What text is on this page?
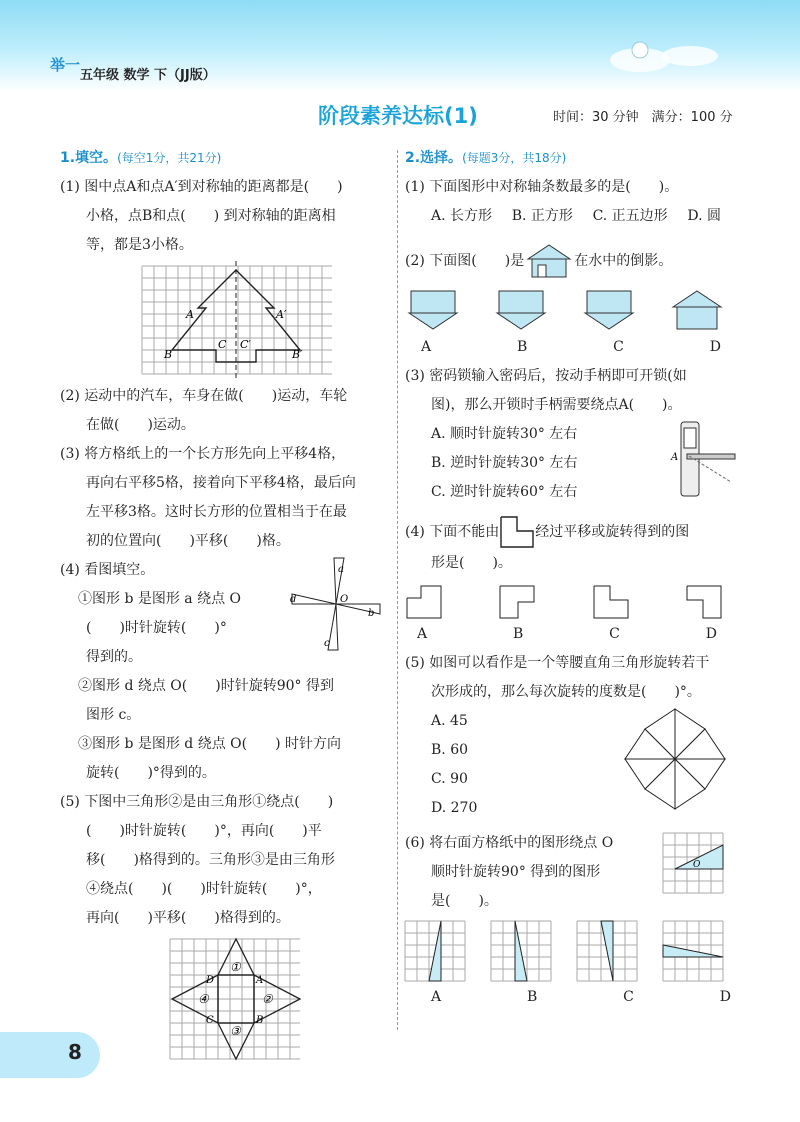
举一
五年级 数学 下（JJ版）
阶段素养达标(1)	时间：30 分钟　满分：100 分
1.填空。(每空1分，共21分)

(1) 图中点A和点A′到对称轴的距离都是(　　)

小格，点B和点(　　) 到对称轴的距离相

等，都是3小格。

A	A′
B	B′
C C′

(2) 运动中的汽车，车身在做(　　)运动，车轮

在做(　　)运动。

(3) 将方格纸上的一个长方形先向上平移4格，

再向右平移5格，接着向下平移4格，最后向

左平移3格。这时长方形的位置相当于在最

初的位置向(　　)平移(　　)格。

(4) 看图填空。

①图形 b 是图形 a 绕点 O

(　　)时针旋转(　　)°

得到的。

a
b
c
d	O

②图形 d 绕点 O(　　)时针旋转90° 得到

图形 c。

③图形 b 是图形 d 绕点 O(　　) 时针方向

旋转(　　)°得到的。

(5) 下图中三角形②是由三角形①绕点(　　)

(　　)时针旋转(　　)°，再向(　　)平

移(　　)格得到的。三角形③是由三角形

④绕点(　　)(　　)时针旋转(　　)°，

再向(　　)平移(　　)格得到的。

①
②
③
④
D	A
C	B
2.选择。(每题3分，共18分)

(1) 下面图形中对称轴条数最多的是(　　)。

A. 长方形 B. 正方形 C. 正五边形 D. 圆

(2) 下面图(　　)是	在水中的倒影。

A	B	C	D

(3) 密码锁输入密码后，按动手柄即可开锁(如

图)，那么开锁时手柄需要绕点A(　　)。

A. 顺时针旋转30° 左右

B. 逆时针旋转30° 左右

C. 逆时针旋转60° 左右

A

(4) 下面不能由	经过平移或旋转得到的图

形是(　　)。

A	B	C	D

(5) 如图可以看作是一个等腰直角三角形旋转若干

次形成的，那么每次旋转的度数是(　　)°。

A. 45

B. 60

C. 90

D. 270

(6) 将右面方格纸中的图形绕点 O

顺时针旋转90° 得到的图形

是(　　)。

O
A	B	C	D
8
